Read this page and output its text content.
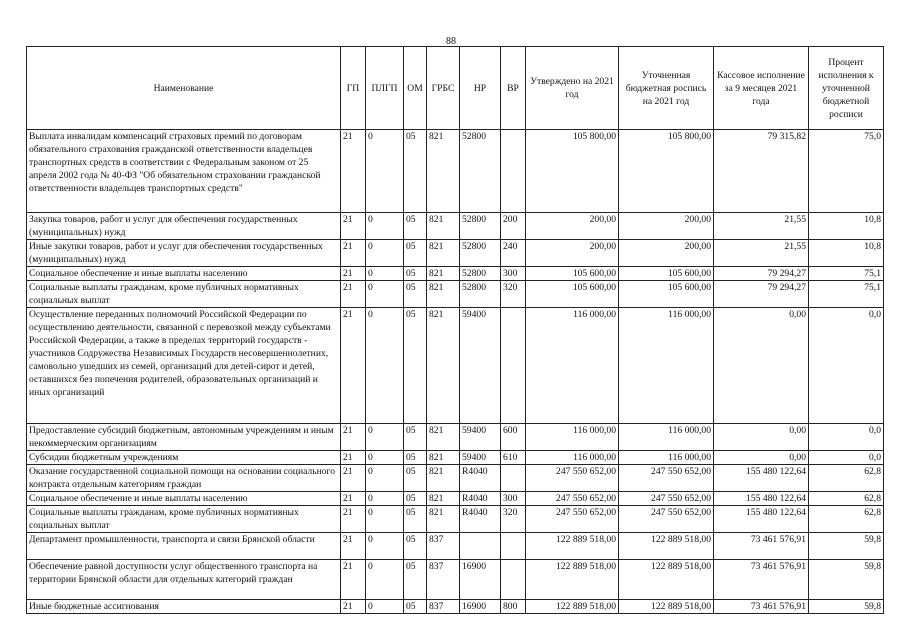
88
Наименование	ГП	ПЛГП	ОМ	ГРБС	НР	ВР	Утверждено на 2021 год	Уточненная бюджетная роспись на 2021 год	Кассовое исполнение за 9 месяцев 2021 года	Процент исполнения к уточненной бюджетной росписи
Выплата инвалидам компенсаций страховых премий по договорам обязательного страхования гражданской ответственности владельцев транспортных средств в соответствии с Федеральным законом от 25 апреля 2002 года № 40-ФЗ "Об обязательном страховании гражданской ответственности владельцев транспортных средств"	21	0	05	821	52800		105 800,00	105 800,00	79 315,82	75,0
Закупка товаров, работ и услуг для обеспечения государственных (муниципальных) нужд	21	0	05	821	52800	200	200,00	200,00	21,55	10,8
Иные закупки товаров, работ и услуг для обеспечения государственных (муниципальных) нужд	21	0	05	821	52800	240	200,00	200,00	21,55	10,8
Социальное обеспечение и иные выплаты населению	21	0	05	821	52800	300	105 600,00	105 600,00	79 294,27	75,1
Социальные выплаты гражданам, кроме публичных нормативных социальных выплат	21	0	05	821	52800	320	105 600,00	105 600,00	79 294,27	75,1
Осуществление переданных полномочий Российской Федерации по осуществлению деятельности, связанной с перевозкой между субъектами Российской Федерации, а также в пределах территорий государств - участников Содружества Независимых Государств несовершеннолетних, самовольно ушедших из семей, организаций для детей-сирот и детей, оставшихся без попечения родителей, образовательных организаций и иных организаций	21	0	05	821	59400		116 000,00	116 000,00	0,00	0,0
Предоставление субсидий бюджетным, автономным учреждениям и иным некоммерческим организациям	21	0	05	821	59400	600	116 000,00	116 000,00	0,00	0,0
Субсидии бюджетным учреждениям	21	0	05	821	59400	610	116 000,00	116 000,00	0,00	0,0
Оказание государственной социальной помощи на основании социального контракта отдельным категориям граждан	21	0	05	821	R4040		247 550 652,00	247 550 652,00	155 480 122,64	62,8
Социальное обеспечение и иные выплаты населению	21	0	05	821	R4040	300	247 550 652,00	247 550 652,00	155 480 122,64	62,8
Социальные выплаты гражданам, кроме публичных нормативных социальных выплат	21	0	05	821	R4040	320	247 550 652,00	247 550 652,00	155 480 122,64	62,8
Департамент промышленности, транспорта и связи Брянской области	21	0	05	837			122 889 518,00	122 889 518,00	73 461 576,91	59,8
Обеспечение равной доступности услуг общественного транспорта на территории Брянской области для отдельных категорий граждан	21	0	05	837	16900		122 889 518,00	122 889 518,00	73 461 576,91	59,8
Иные бюджетные ассигнования	21	0	05	837	16900	800	122 889 518,00	122 889 518,00	73 461 576,91	59,8
